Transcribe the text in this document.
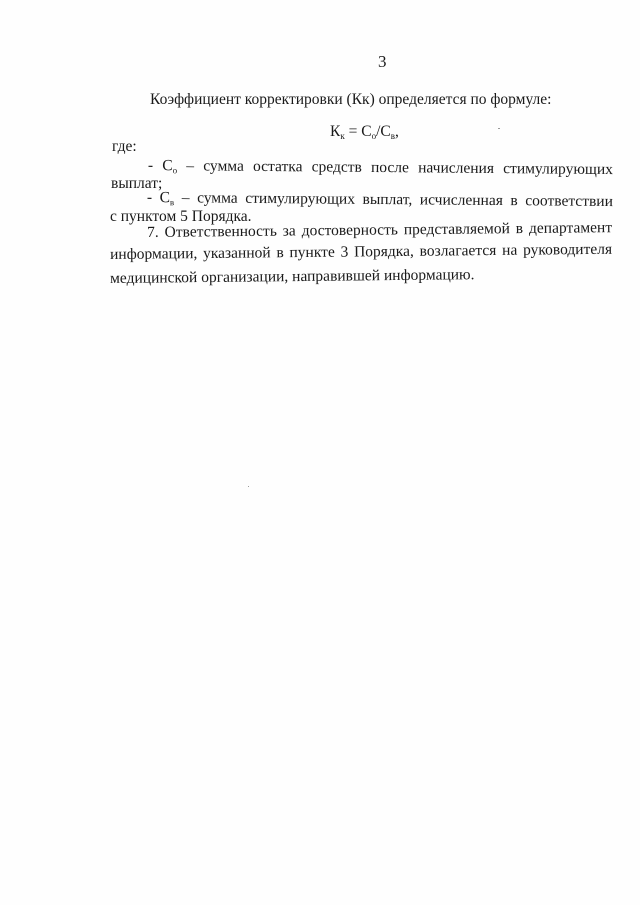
3
Коэффициент корректировки (Кк) определяется по формуле:
$К_к = С_о/С_в$,
где:
- $С_о$ – сумма остатка средств после начисления стимулирующих
выплат;
- $С_в$ – сумма стимулирующих выплат, исчисленная в соответствии
с пунктом 5 Порядка.
7. Ответственность за достоверность представляемой в департамент
информации, указанной в пункте 3 Порядка, возлагается на руководителя
медицинской организации, направившей информацию.
